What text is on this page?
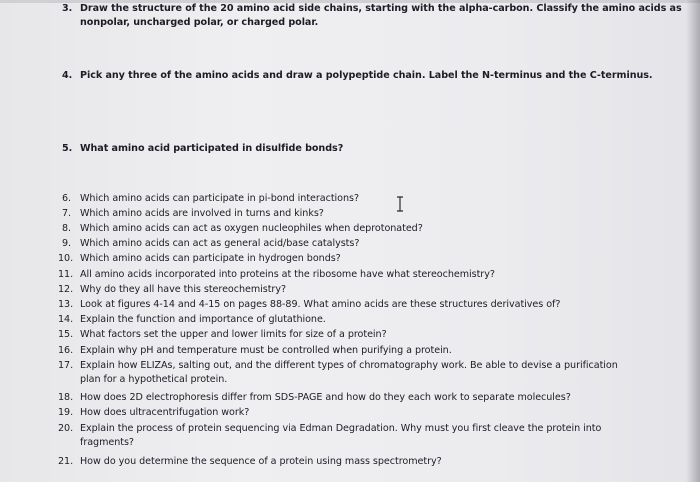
3. Draw the structure of the 20 amino acid side chains, starting with the alpha-carbon. Classify the amino acids as
nonpolar, uncharged polar, or charged polar.
4. Pick any three of the amino acids and draw a polypeptide chain. Label the N-terminus and the C-terminus.
5. What amino acid participated in disulfide bonds?
6. Which amino acids can participate in pi-bond interactions?
7. Which amino acids are involved in turns and kinks?
8. Which amino acids can act as oxygen nucleophiles when deprotonated?
9. Which amino acids can act as general acid/base catalysts?
10. Which amino acids can participate in hydrogen bonds?
11. All amino acids incorporated into proteins at the ribosome have what stereochemistry?
12. Why do they all have this stereochemistry?
13. Look at figures 4-14 and 4-15 on pages 88-89. What amino acids are these structures derivatives of?
14. Explain the function and importance of glutathione.
15. What factors set the upper and lower limits for size of a protein?
16. Explain why pH and temperature must be controlled when purifying a protein.
17. Explain how ELIZAs, salting out, and the different types of chromatography work. Be able to devise a purification
plan for a hypothetical protein.
18. How does 2D electrophoresis differ from SDS-PAGE and how do they each work to separate molecules?
19. How does ultracentrifugation work?
20. Explain the process of protein sequencing via Edman Degradation. Why must you first cleave the protein into
fragments?
21. How do you determine the sequence of a protein using mass spectrometry?
